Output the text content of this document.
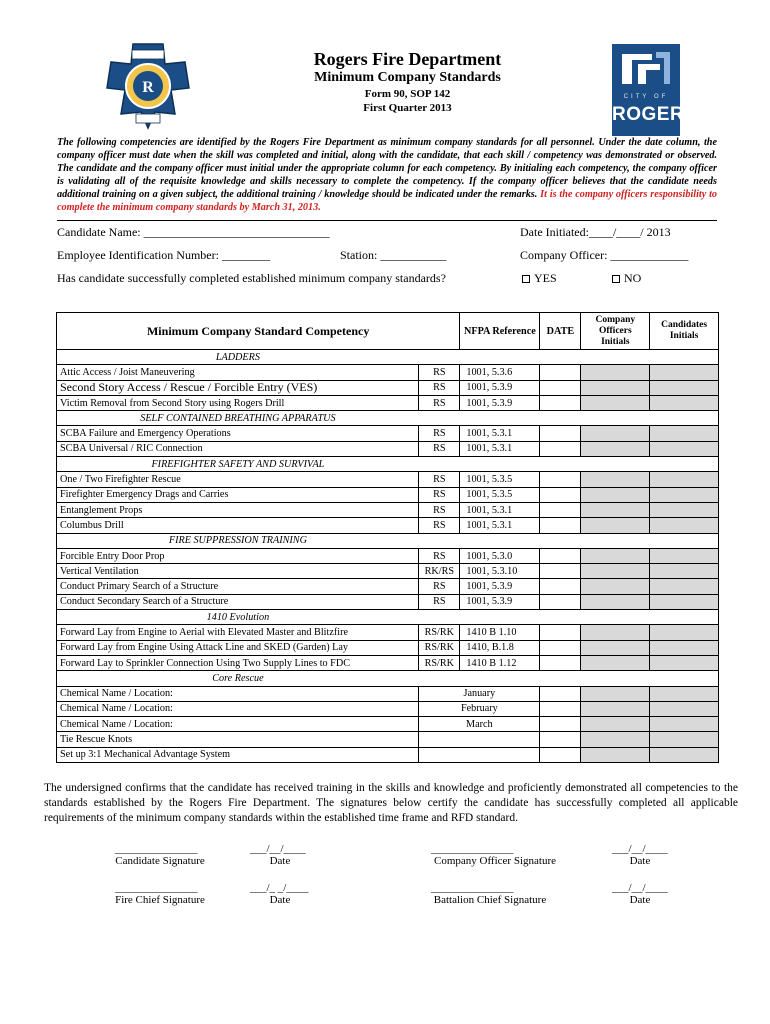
R
CITY OF
ROGERS
Rogers Fire Department
Minimum Company Standards
Form 90, SOP 142
First Quarter 2013
The following competencies are identified by the Rogers Fire Department as minimum company standards for all personnel. Under the date column, the company officer must date when the skill was completed and initial, along with the candidate, that each skill / competency was demonstrated or observed. The candidate and the company officer must initial under the appropriate column for each competency. By initialing each competency, the company officer is validating all of the requisite knowledge and skills necessary to complete the competency. If the company officer believes that the candidate needs additional training on a given subject, the additional training / knowledge should be indicated under the remarks. It is the company officers responsibility to complete the minimum company standards by March 31, 2013.
Candidate Name: _______________________________	Date Initiated:____/____/ 2013
Employee Identification Number: ________	Station: ___________	Company Officer: _____________
Has candidate successfully completed established minimum company standards?	YES	NO
Minimum Company Standard Competency		NFPA Reference	DATE	Company Officers Initials	Candidates Initials
LADDERS					
Attic Access / Joist Maneuvering	RS	1001, 5.3.6			
Second Story Access / Rescue / Forcible Entry (VES)	RS	1001, 5.3.9			
Victim Removal from Second Story using Rogers Drill	RS	1001, 5.3.9			
SELF CONTAINED BREATHING APPARATUS					
SCBA Failure and Emergency Operations	RS	1001, 5.3.1			
SCBA Universal / RIC Connection	RS	1001, 5.3.1			
FIREFIGHTER SAFETY AND SURVIVAL					
One / Two Firefighter Rescue	RS	1001, 5.3.5			
Firefighter Emergency Drags and Carries	RS	1001, 5.3.5			
Entanglement Props	RS	1001, 5.3.1			
Columbus Drill	RS	1001, 5.3.1			
FIRE SUPPRESSION TRAINING					
Forcible Entry Door Prop	RS	1001, 5.3.0			
Vertical Ventilation	RK/RS	1001, 5.3.10			
Conduct Primary Search of a Structure	RS	1001, 5.3.9			
Conduct Secondary Search of a Structure	RS	1001, 5.3.9			
1410 Evolution					
Forward Lay from Engine to Aerial with Elevated Master and Blitzfire	RS/RK	1410 B 1.10			
Forward Lay from Engine Using Attack Line and SKED (Garden) Lay	RS/RK	1410, B.1.8			
Forward Lay to Sprinkler Connection Using Two Supply Lines to FDC	RS/RK	1410 B 1.12			
Core Rescue					
Chemical Name / Location:	January				
Chemical Name / Location:	February				
Chemical Name / Location:	March				
Tie Rescue Knots					
Set up 3:1 Mechanical Advantage System					
The undersigned confirms that the candidate has received training in the skills and knowledge and proficiently demonstrated all competencies to the standards established by the Rogers Fire Department. The signatures below certify the candidate has successfully completed all applicable requirements of the minimum company standards within the established time frame and RFD standard.
_______________
Candidate Signature
___/__/____
Date
_______________
Company Officer Signature
___/__/____
Date
_______________
Fire Chief Signature
___/_ _/____
Date
_______________
Battalion Chief Signature
___/__/____
Date
